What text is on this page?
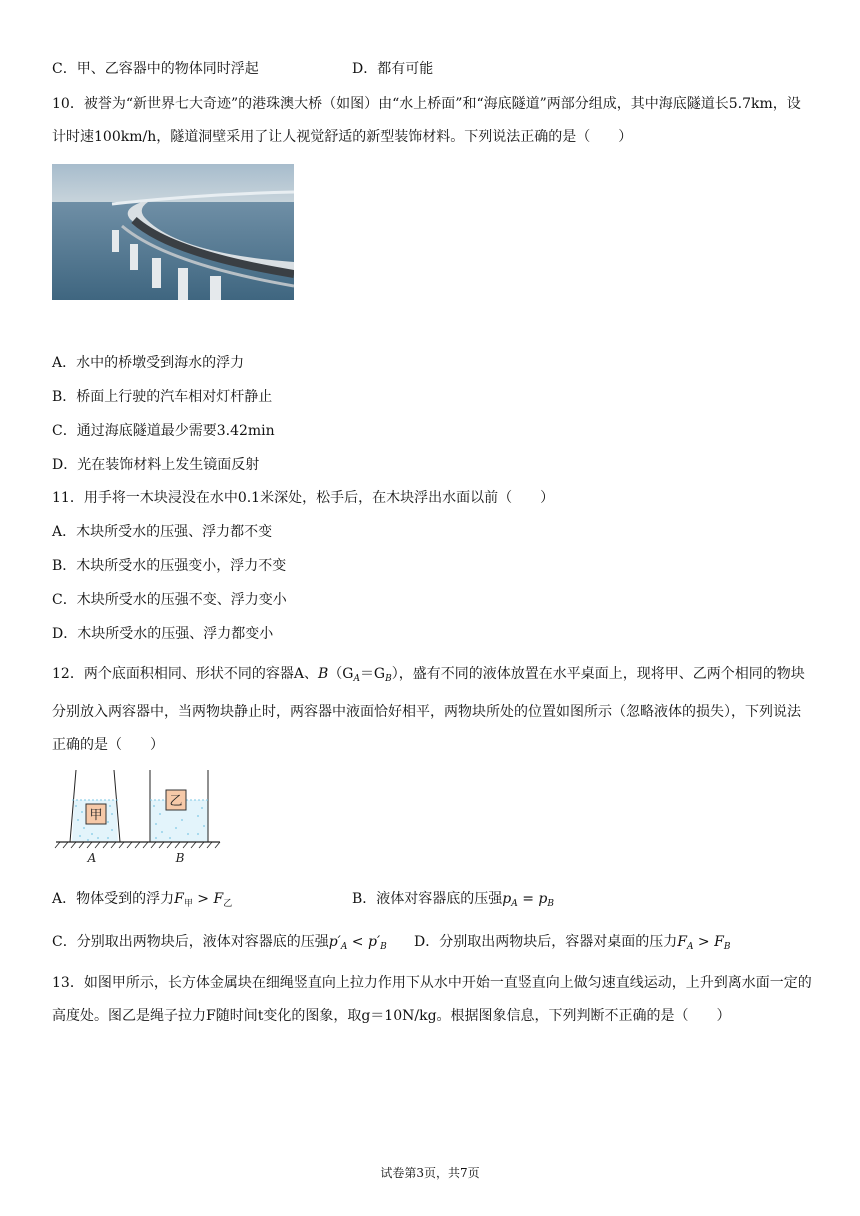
C．甲、乙容器中的物体同时浮起	D．都有可能
10．被誉为“新世界七大奇迹”的港珠澳大桥（如图）由“水上桥面”和“海底隧道”两部分组成，其中海底隧道长5.7km，设计时速100km/h，隧道洞壁采用了让人视觉舒适的新型装饰材料。下列说法正确的是（　　）
A．水中的桥墩受到海水的浮力
B．桥面上行驶的汽车相对灯杆静止
C．通过海底隧道最少需要3.42min
D．光在装饰材料上发生镜面反射
11．用手将一木块浸没在水中0.1米深处，松手后，在木块浮出水面以前（　　）
A．木块所受水的压强、浮力都不变
B．木块所受水的压强变小，浮力不变
C．木块所受水的压强不变、浮力变小
D．木块所受水的压强、浮力都变小
12．两个底面积相同、形状不同的容器A、$B(G_A=G_B)$，盛有不同的液体放置在水平桌面上，现将甲、乙两个相同的物块分别放入两容器中，当两物块静止时，两容器中液面恰好相平，两物块所处的位置如图所示（忽略液体的损失），下列说法正确的是（　　）
甲
乙
A	B
A．物体受到的浮力$F_甲 > F_乙$	B．液体对容器底的压强$p_A = p_B$
C．分别取出两物块后，液体对容器底的压强$p'_A < p'_B$ D．分别取出两物块后，容器对桌面的压力$F_A > F_B$
13．如图甲所示，长方体金属块在细绳竖直向上拉力作用下从水中开始一直竖直向上做匀速直线运动，上升到离水面一定的高度处。图乙是绳子拉力F随时间t变化的图象，取g＝10N/kg。根据图象信息，下列判断不正确的是（　　）
试卷第3页，共7页
